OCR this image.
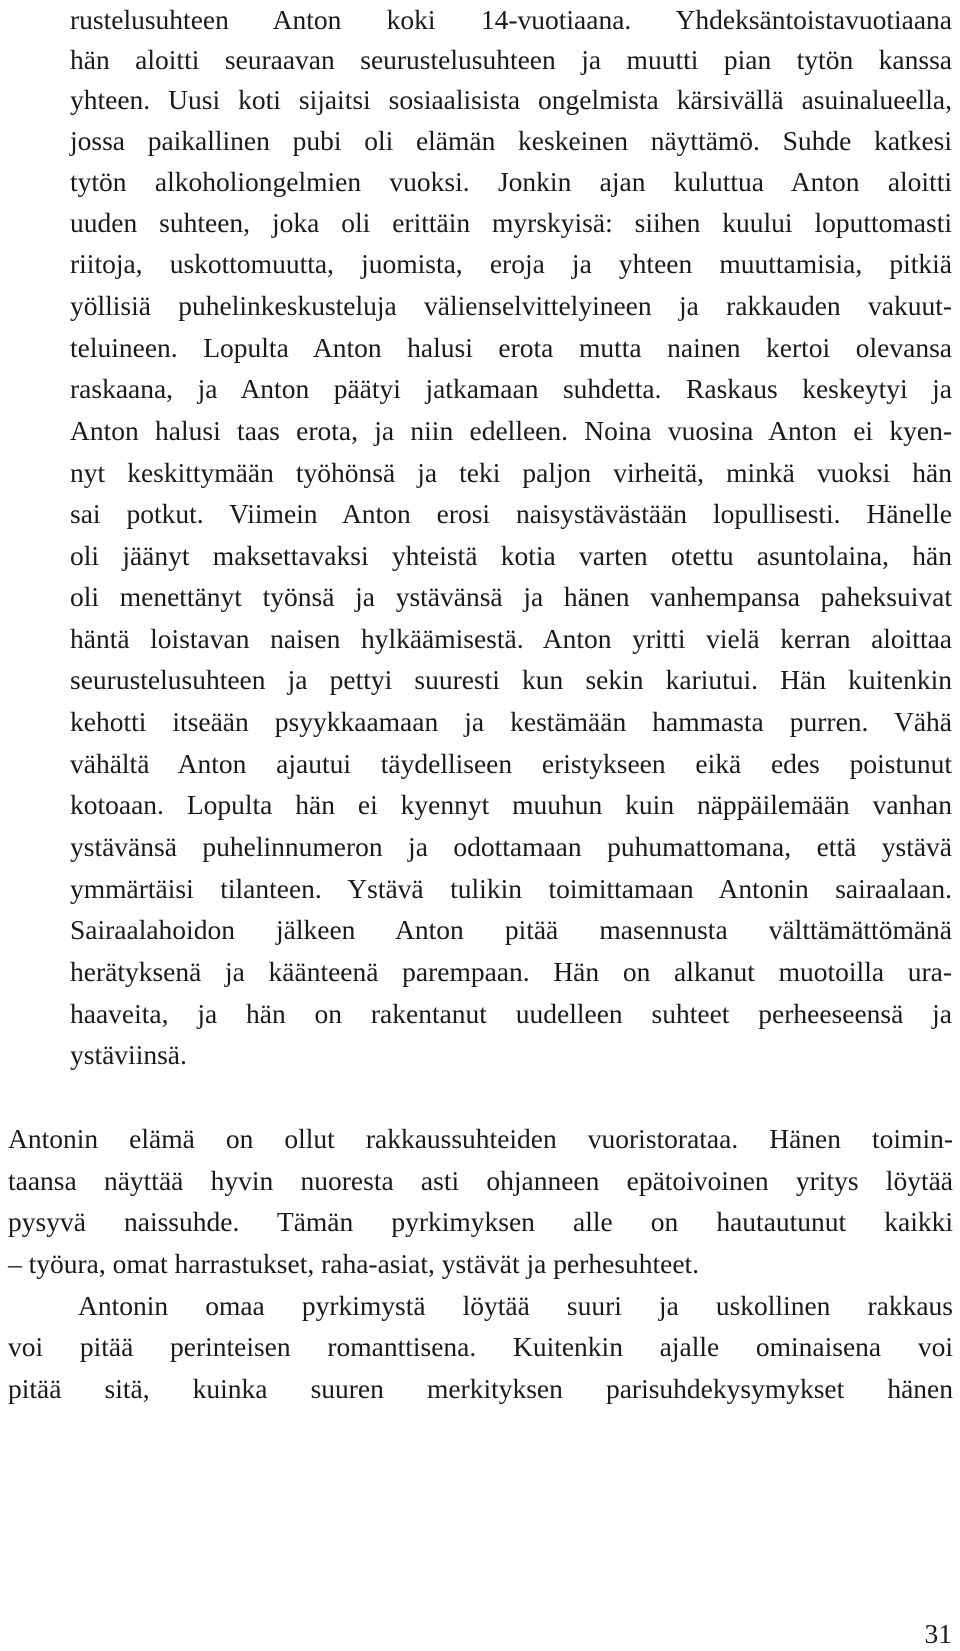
rustelusuhteen Anton koki 14-vuotiaana. Yhdeksäntoistavuotiaana

hän aloitti seuraavan seurustelusuhteen ja muutti pian tytön kanssa

yhteen. Uusi koti sijaitsi sosiaalisista ongelmista kärsivällä asuinalueella,

jossa paikallinen pubi oli elämän keskeinen näyttämö. Suhde katkesi

tytön alkoholiongelmien vuoksi. Jonkin ajan kuluttua Anton aloitti

uuden suhteen, joka oli erittäin myrskyisä: siihen kuului loputtomasti

riitoja, uskottomuutta, juomista, eroja ja yhteen muuttamisia, pitkiä

yöllisiä puhelinkeskusteluja välienselvittelyineen ja rakkauden vakuut-

teluineen. Lopulta Anton halusi erota mutta nainen kertoi olevansa

raskaana, ja Anton päätyi jatkamaan suhdetta. Raskaus keskeytyi ja

Anton halusi taas erota, ja niin edelleen. Noina vuosina Anton ei kyen-

nyt keskittymään työhönsä ja teki paljon virheitä, minkä vuoksi hän

sai potkut. Viimein Anton erosi naisystävästään lopullisesti. Hänelle

oli jäänyt maksettavaksi yhteistä kotia varten otettu asuntolaina, hän

oli menettänyt työnsä ja ystävänsä ja hänen vanhempansa paheksuivat

häntä loistavan naisen hylkäämisestä. Anton yritti vielä kerran aloittaa

seurustelusuhteen ja pettyi suuresti kun sekin kariutui. Hän kuitenkin

kehotti itseään psyykkaamaan ja kestämään hammasta purren. Vähä

vähältä Anton ajautui täydelliseen eristykseen eikä edes poistunut

kotoaan. Lopulta hän ei kyennyt muuhun kuin näppäilemään vanhan

ystävänsä puhelinnumeron ja odottamaan puhumattomana, että ystävä

ymmärtäisi tilanteen. Ystävä tulikin toimittamaan Antonin sairaalaan.

Sairaalahoidon jälkeen Anton pitää masennusta välttämättömänä

herätyksenä ja käänteenä parempaan. Hän on alkanut muotoilla ura-

haaveita, ja hän on rakentanut uudelleen suhteet perheeseensä ja

ystäviinsä.

Antonin elämä on ollut rakkaussuhteiden vuoristorataa. Hänen toimin-

taansa näyttää hyvin nuoresta asti ohjanneen epätoivoinen yritys löytää

pysyvä naissuhde. Tämän pyrkimyksen alle on hautautunut kaikki

– työura, omat harrastukset, raha-asiat, ystävät ja perhesuhteet.

Antonin omaa pyrkimystä löytää suuri ja uskollinen rakkaus

voi pitää perinteisen romanttisena. Kuitenkin ajalle ominaisena voi

pitää sitä, kuinka suuren merkityksen parisuhdekysymykset hänen

31
